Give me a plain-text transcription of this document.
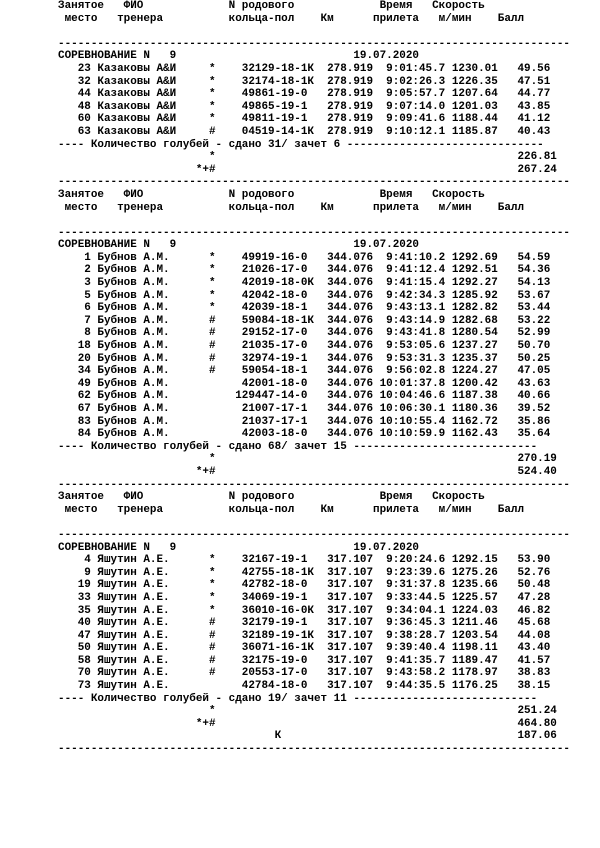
Занятое   ФИО             N родового             Время   Скорость
место   тренера          кольца-пол    Км      прилета   м/мин    Балл
------------------------------------------------------------------------------
СОРЕВНОВАНИЕ N   9                           19.07.2020
23 Казаковы А&И     *    32129-18-1К  278.919  9:01:45.7 1230.01   49.56
32 Казаковы А&И     *    32174-18-1К  278.919  9:02:26.3 1226.35   47.51
44 Казаковы А&И     *    49861-19-0   278.919  9:05:57.7 1207.64   44.77
48 Казаковы А&И     *    49865-19-1   278.919  9:07:14.0 1201.03   43.85
60 Казаковы А&И     *    49811-19-1   278.919  9:09:41.6 1188.44   41.12
63 Казаковы А&И     #    04519-14-1К  278.919  9:10:12.1 1185.87   40.43
---- Количество голубей - сдано 31/ зачет 6 ------------------------------
*                                              226.81
*+#                                              267.24
------------------------------------------------------------------------------
Занятое   ФИО             N родового             Время   Скорость
место   тренера          кольца-пол    Км      прилета   м/мин    Балл
------------------------------------------------------------------------------
СОРЕВНОВАНИЕ N   9                           19.07.2020
1 Бубнов А.М.      *    49919-16-0   344.076  9:41:10.2 1292.69   54.59
2 Бубнов А.М.      *    21026-17-0   344.076  9:41:12.4 1292.51   54.36
3 Бубнов А.М.      *    42019-18-0К  344.076  9:41:15.4 1292.27   54.13
5 Бубнов А.М.      *    42042-18-0   344.076  9:42:34.3 1285.92   53.67
6 Бубнов А.М.      *    42039-18-1   344.076  9:43:13.1 1282.82   53.44
7 Бубнов А.М.      #    59084-18-1К  344.076  9:43:14.9 1282.68   53.22
8 Бубнов А.М.      #    29152-17-0   344.076  9:43:41.8 1280.54   52.99
18 Бубнов А.М.      #    21035-17-0   344.076  9:53:05.6 1237.27   50.70
20 Бубнов А.М.      #    32974-19-1   344.076  9:53:31.3 1235.37   50.25
34 Бубнов А.М.      #    59054-18-1   344.076  9:56:02.8 1224.27   47.05
49 Бубнов А.М.           42001-18-0   344.076 10:01:37.8 1200.42   43.63
62 Бубнов А.М.          129447-14-0   344.076 10:04:46.6 1187.38   40.66
67 Бубнов А.М.           21007-17-1   344.076 10:06:30.1 1180.36   39.52
83 Бубнов А.М.           21037-17-1   344.076 10:10:55.4 1162.72   35.86
84 Бубнов А.М.           42003-18-0   344.076 10:10:59.9 1162.43   35.64
---- Количество голубей - сдано 68/ зачет 15 ----------------------------
*                                              270.19
*+#                                              524.40
------------------------------------------------------------------------------
Занятое   ФИО             N родового             Время   Скорость
место   тренера          кольца-пол    Км      прилета   м/мин    Балл
------------------------------------------------------------------------------
СОРЕВНОВАНИЕ N   9                           19.07.2020
4 Яшутин А.Е.      *    32167-19-1   317.107  9:20:24.6 1292.15   53.90
9 Яшутин А.Е.      *    42755-18-1К  317.107  9:23:39.6 1275.26   52.76
19 Яшутин А.Е.      *    42782-18-0   317.107  9:31:37.8 1235.66   50.48
33 Яшутин А.Е.      *    34069-19-1   317.107  9:33:44.5 1225.57   47.28
35 Яшутин А.Е.      *    36010-16-0К  317.107  9:34:04.1 1224.03   46.82
40 Яшутин А.Е.      #    32179-19-1   317.107  9:36:45.3 1211.46   45.68
47 Яшутин А.Е.      #    32189-19-1К  317.107  9:38:28.7 1203.54   44.08
50 Яшутин А.Е.      #    36071-16-1К  317.107  9:39:40.4 1198.11   43.40
58 Яшутин А.Е.      #    32175-19-0   317.107  9:41:35.7 1189.47   41.57
70 Яшутин А.Е.      #    20553-17-0   317.107  9:43:58.2 1178.97   38.83
73 Яшутин А.Е.           42784-18-0   317.107  9:44:35.5 1176.25   38.15
---- Количество голубей - сдано 19/ зачет 11 ----------------------------
*                                              251.24
*+#                                              464.80
К                                    187.06
------------------------------------------------------------------------------
